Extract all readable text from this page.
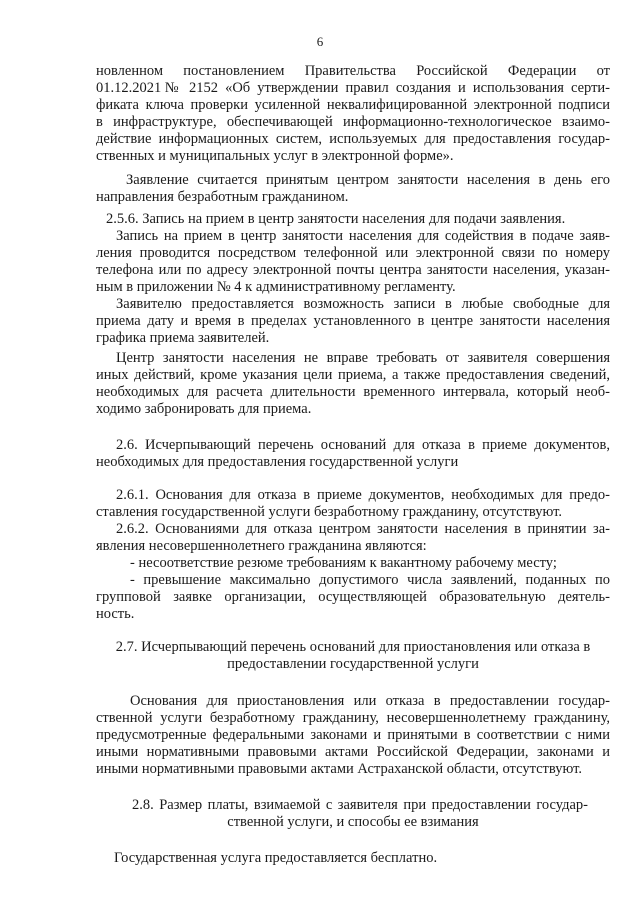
6
новленном постановлением Правительства Российской Федерации от
01.12.2021№ 2152 «Об утверждении правил создания и использования серти-
фиката ключа проверки усиленной неквалифицированной электронной подписи
в инфраструктуре, обеспечивающей информационно-технологическое взаимо-
действие информационных систем, используемых для предоставления государ-
ственных и муниципальных услуг в электронной форме».
Заявление считается принятым центром занятости населения в день его
направления безработным гражданином.
2.5.6. Запись на прием в центр занятости населения для подачи заявления.
Запись на прием в центр занятости населения для содействия в подаче заяв-
ления проводится посредством телефонной или электронной связи по номеру
телефона или по адресу электронной почты центра занятости населения, указан-
ным в приложении № 4 к административному регламенту.
Заявителю предоставляется возможность записи в любые свободные для
приема дату и время в пределах установленного в центре занятости населения
графика приема заявителей.
Центр занятости населения не вправе требовать от заявителя совершения
иных действий, кроме указания цели приема, а также предоставления сведений,
необходимых для расчета длительности временного интервала, который необ-
ходимо забронировать для приема.
2.6. Исчерпывающий перечень оснований для отказа в приеме документов,
необходимых для предоставления государственной услуги
2.6.1. Основания для отказа в приеме документов, необходимых для предо-
ставления государственной услуги безработному гражданину, отсутствуют.
2.6.2. Основаниями для отказа центром занятости населения в принятии за-
явления несовершеннолетнего гражданина являются:
- несоответствие резюме требованиям к вакантному рабочему месту;
- превышение максимально допустимого числа заявлений, поданных по
групповой заявке организации, осуществляющей образовательную деятель-
ность.
2.7. Исчерпывающий перечень оснований для приостановления или отказа в
предоставлении государственной услуги
Основания для приостановления или отказа в предоставлении государ-
ственной услуги безработному гражданину, несовершеннолетнему гражданину,
предусмотренные федеральными законами и принятыми в соответствии с ними
иными нормативными правовыми актами Российской Федерации, законами и
иными нормативными правовыми актами Астраханской области, отсутствуют.
2.8. Размер платы, взимаемой с заявителя при предоставлении государ-
ственной услуги, и способы ее взимания
Государственная услуга предоставляется бесплатно.
